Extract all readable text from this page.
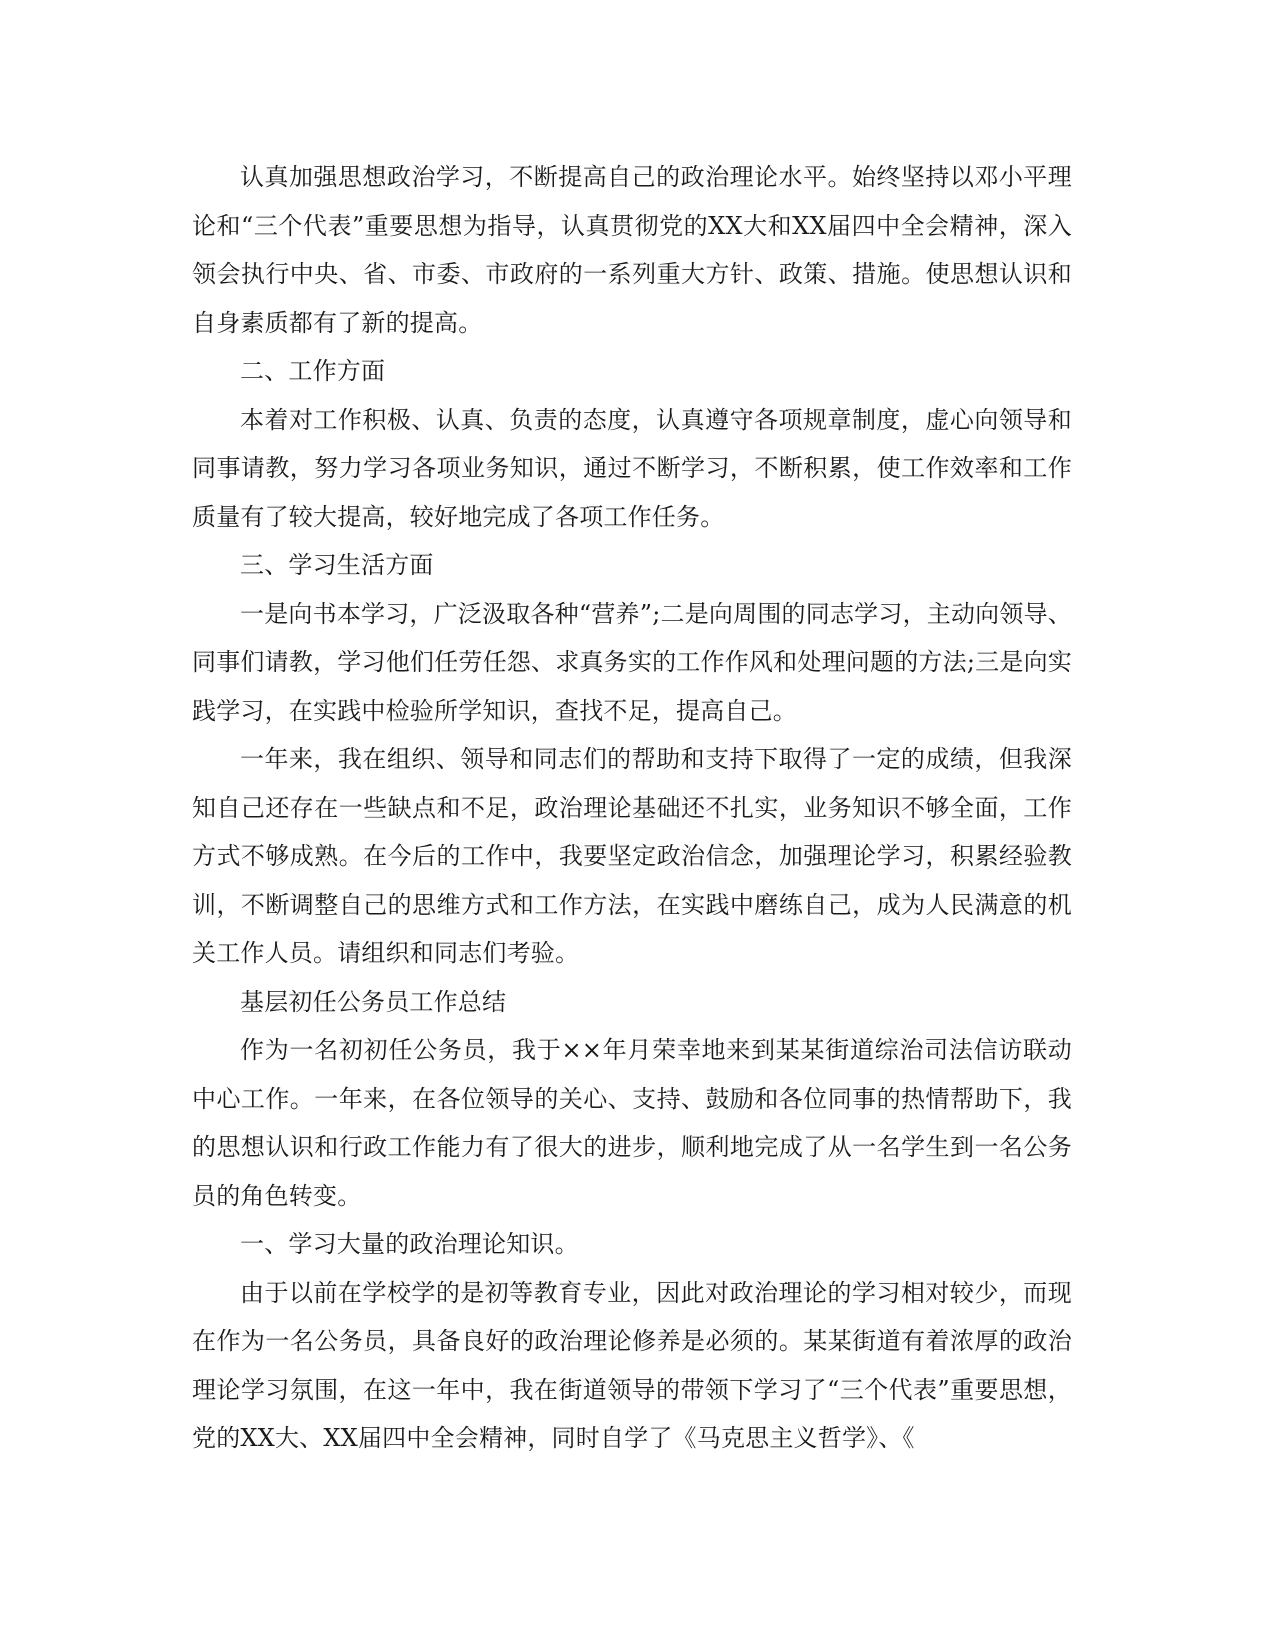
认真加强思想政治学习，不断提高自己的政治理论水平。始终坚持以邓小平理论和“三个代表”重要思想为指导，认真贯彻党的XX大和XX届四中全会精神，深入领会执行中央、省、市委、市政府的一系列重大方针、政策、措施。使思想认识和自身素质都有了新的提高。

二、工作方面

本着对工作积极、认真、负责的态度，认真遵守各项规章制度，虚心向领导和同事请教，努力学习各项业务知识，通过不断学习，不断积累，使工作效率和工作质量有了较大提高，较好地完成了各项工作任务。

三、学习生活方面

一是向书本学习，广泛汲取各种“营养”;二是向周围的同志学习，主动向领导、同事们请教，学习他们任劳任怨、求真务实的工作作风和处理问题的方法;三是向实践学习，在实践中检验所学知识，查找不足，提高自己。

一年来，我在组织、领导和同志们的帮助和支持下取得了一定的成绩，但我深知自己还存在一些缺点和不足，政治理论基础还不扎实，业务知识不够全面，工作方式不够成熟。在今后的工作中，我要坚定政治信念，加强理论学习，积累经验教训，不断调整自己的思维方式和工作方法，在实践中磨练自己，成为人民满意的机关工作人员。请组织和同志们考验。

基层初任公务员工作总结

作为一名初初任公务员，我于××年月荣幸地来到某某街道综治司法信访联动中心工作。一年来，在各位领导的关心、支持、鼓励和各位同事的热情帮助下，我的思想认识和行政工作能力有了很大的进步，顺利地完成了从一名学生到一名公务员的角色转变。

一、学习大量的政治理论知识。

由于以前在学校学的是初等教育专业，因此对政治理论的学习相对较少，而现在作为一名公务员，具备良好的政治理论修养是必须的。某某街道有着浓厚的政治理论学习氛围，在这一年中，我在街道领导的带领下学习了“三个代表”重要思想，党的XX大、XX届四中全会精神，同时自学了《马克思主义哲学》、《
